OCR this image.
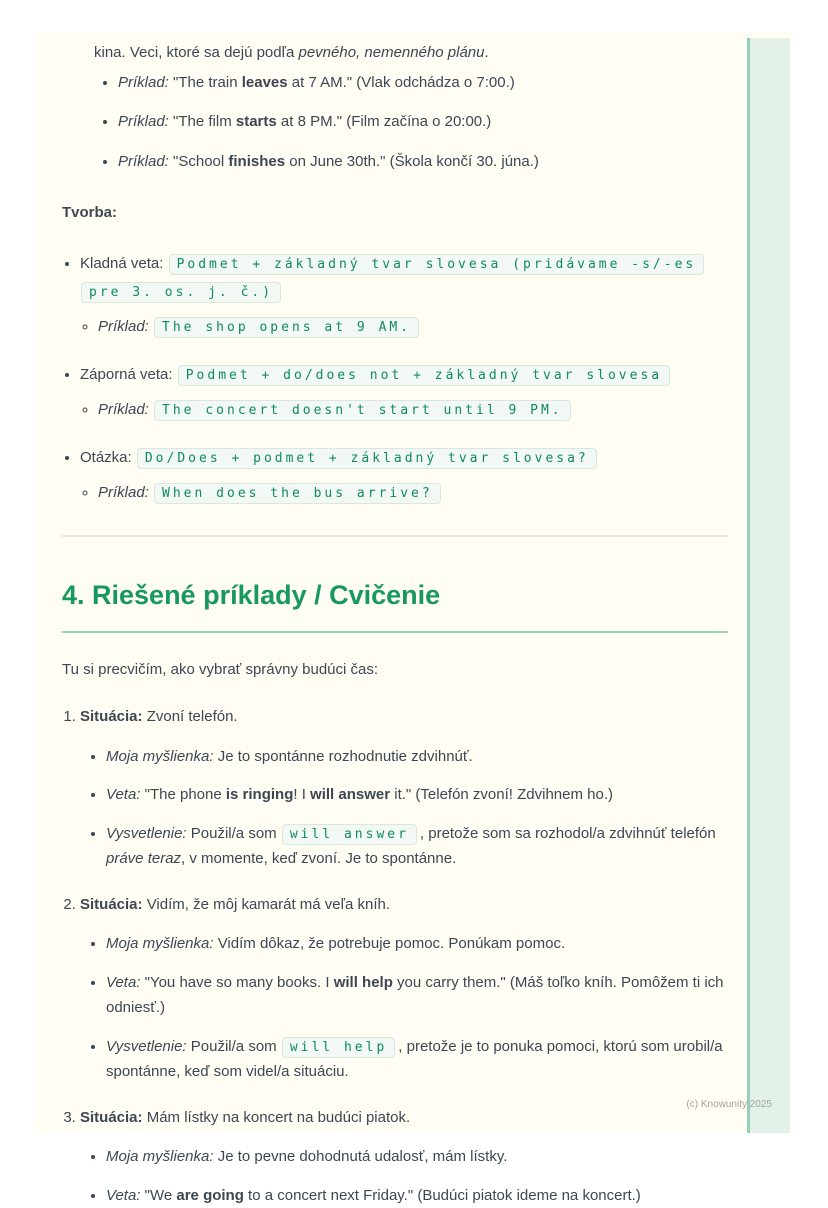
kina. Veci, ktoré sa dejú podľa pevného, nemenného plánu.

• Príklad: "The train leaves at 7 AM." (Vlak odchádza o 7:00.)
• Príklad: "The film starts at 8 PM." (Film začína o 20:00.)
• Príklad: "School finishes on June 30th." (Škola končí 30. júna.)

Tvorba:

• Kladná veta: Podmet + základný tvar slovesa (pridávame -s/-es pre 3. os. j. č.)
◦ Príklad: The shop opens at 9 AM.
• Záporná veta: Podmet + do/does not + základný tvar slovesa
◦ Príklad: The concert doesn't start until 9 PM.
• Otázka: Do/Does + podmet + základný tvar slovesa?
◦ Príklad: When does the bus arrive?
4. Riešené príklady / Cvičenie

Tu si precvičím, ako vybrať správny budúci čas:

1. Situácia: Zvoní telefón.
• Moja myšlienka: Je to spontánne rozhodnutie zdvihnúť.
• Veta: "The phone is ringing! I will answer it." (Telefón zvoní! Zdvihnem ho.)
• Vysvetlenie: Použil/a som will answer , pretože som sa rozhodol/a zdvihnúť telefón práve teraz, v momente, keď zvoní. Je to spontánne.
2. Situácia: Vidím, že môj kamarát má veľa kníh.
• Moja myšlienka: Vidím dôkaz, že potrebuje pomoc. Ponúkam pomoc.
• Veta: "You have so many books. I will help you carry them." (Máš toľko kníh. Pomôžem ti ich odniesť.)
• Vysvetlenie: Použil/a som will help , pretože je to ponuka pomoci, ktorú som urobil/a spontánne, keď som videl/a situáciu.
3. Situácia: Mám lístky na koncert na budúci piatok.
• Moja myšlienka: Je to pevne dohodnutá udalosť, mám lístky.
• Veta: "We are going to a concert next Friday." (Budúci piatok ideme na koncert.)
(c) Knowunity 2025
